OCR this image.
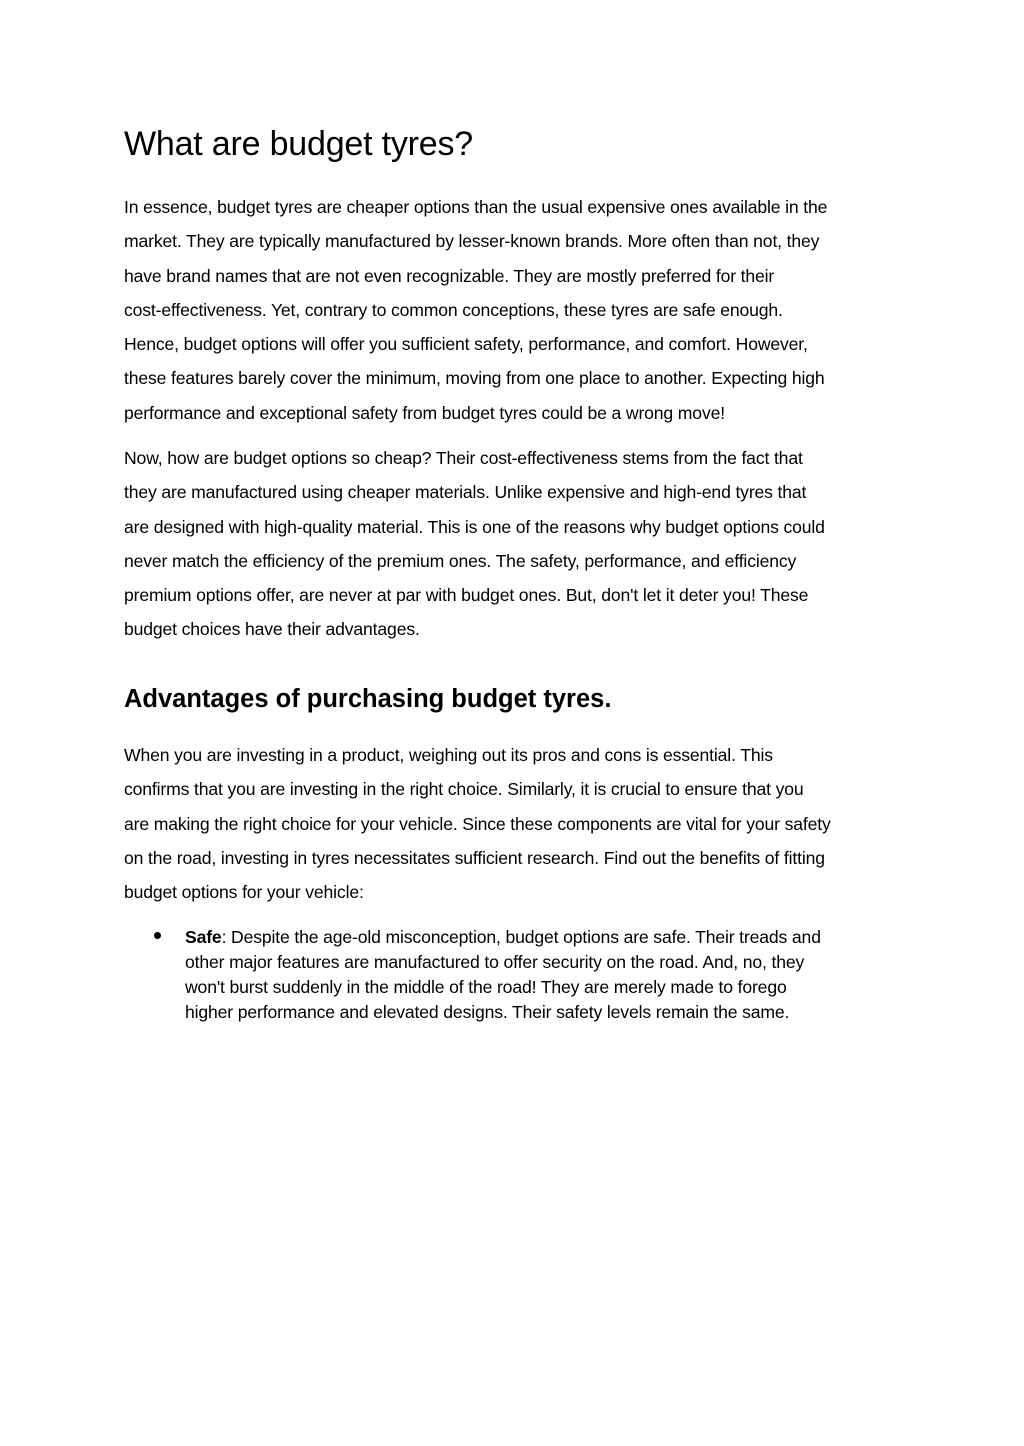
What are budget tyres?

In essence, budget tyres are cheaper options than the usual expensive ones available in the
market. They are typically manufactured by lesser-known brands. More often than not, they
have brand names that are not even recognizable. They are mostly preferred for their
cost-effectiveness. Yet, contrary to common conceptions, these tyres are safe enough.
Hence, budget options will offer you sufficient safety, performance, and comfort. However,
these features barely cover the minimum, moving from one place to another. Expecting high
performance and exceptional safety from budget tyres could be a wrong move!

Now, how are budget options so cheap? Their cost-effectiveness stems from the fact that
they are manufactured using cheaper materials. Unlike expensive and high-end tyres that
are designed with high-quality material. This is one of the reasons why budget options could
never match the efficiency of the premium ones. The safety, performance, and efficiency
premium options offer, are never at par with budget ones. But, don't let it deter you! These
budget choices have their advantages.

Advantages of purchasing budget tyres.

When you are investing in a product, weighing out its pros and cons is essential. This
confirms that you are investing in the right choice. Similarly, it is crucial to ensure that you
are making the right choice for your vehicle. Since these components are vital for your safety
on the road, investing in tyres necessitates sufficient research. Find out the benefits of fitting
budget options for your vehicle:

Safe: Despite the age-old misconception, budget options are safe. Their treads and
other major features are manufactured to offer security on the road. And, no, they
won't burst suddenly in the middle of the road! They are merely made to forego
higher performance and elevated designs. Their safety levels remain the same.
